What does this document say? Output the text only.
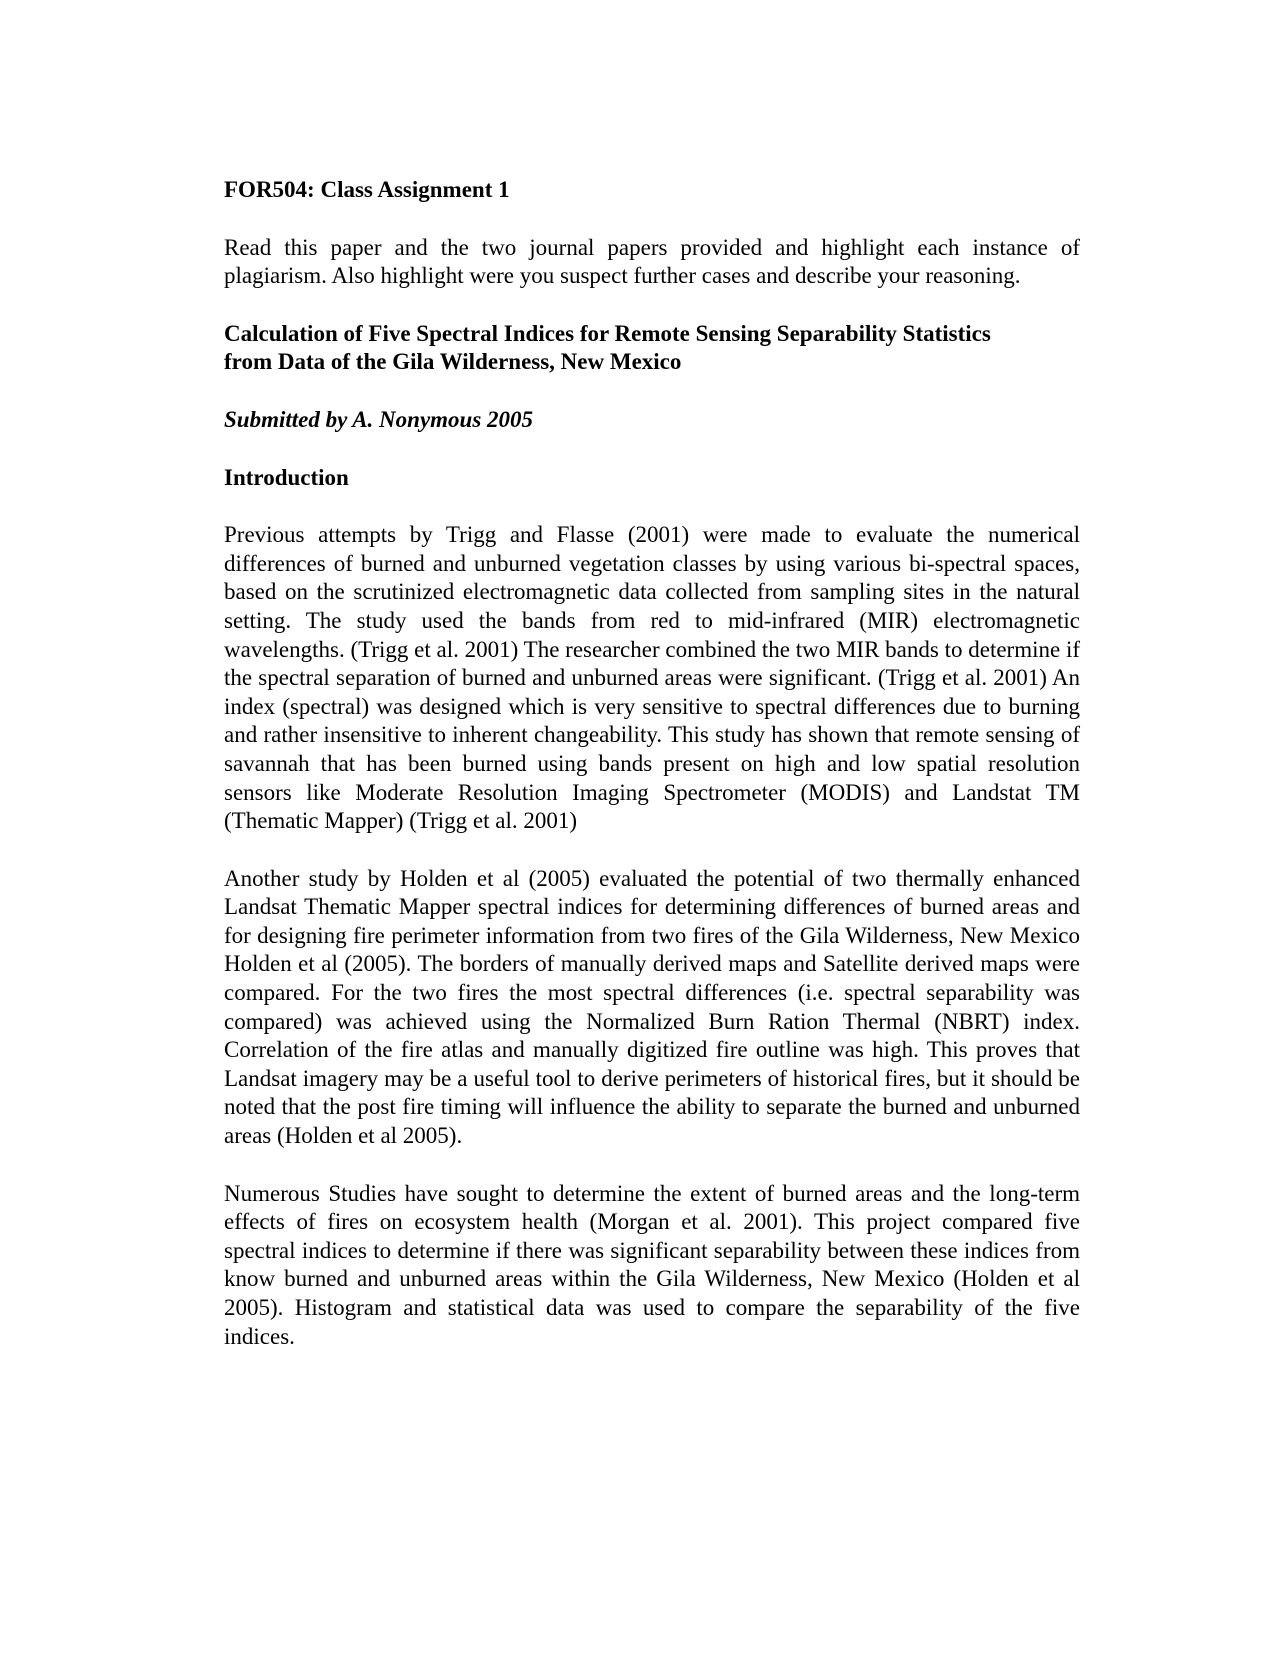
FOR504: Class Assignment 1

Read this paper and the two journal papers provided and highlight each instance of plagiarism. Also highlight were you suspect further cases and describe your reasoning.

Calculation of Five Spectral Indices for Remote Sensing Separability Statistics
from Data of the Gila Wilderness, New Mexico

Submitted by A. Nonymous 2005

Introduction

Previous attempts by Trigg and Flasse (2001) were made to evaluate the numerical differences of burned and unburned vegetation classes by using various bi-spectral spaces, based on the scrutinized electromagnetic data collected from sampling sites in the natural setting. The study used the bands from red to mid-infrared (MIR) electromagnetic wavelengths. (Trigg et al. 2001) The researcher combined the two MIR bands to determine if the spectral separation of burned and unburned areas were significant. (Trigg et al. 2001) An index (spectral) was designed which is very sensitive to spectral differences due to burning and rather insensitive to inherent changeability. This study has shown that remote sensing of savannah that has been burned using bands present on high and low spatial resolution sensors like Moderate Resolution Imaging Spectrometer (MODIS) and Landstat TM (Thematic Mapper) (Trigg et al. 2001)

Another study by Holden et al (2005) evaluated the potential of two thermally enhanced Landsat Thematic Mapper spectral indices for determining differences of burned areas and for designing fire perimeter information from two fires of the Gila Wilderness, New Mexico Holden et al (2005). The borders of manually derived maps and Satellite derived maps were compared. For the two fires the most spectral differences (i.e. spectral separability was compared) was achieved using the Normalized Burn Ration Thermal (NBRT) index. Correlation of the fire atlas and manually digitized fire outline was high. This proves that Landsat imagery may be a useful tool to derive perimeters of historical fires, but it should be noted that the post fire timing will influence the ability to separate the burned and unburned areas (Holden et al 2005).

Numerous Studies have sought to determine the extent of burned areas and the long-term effects of fires on ecosystem health (Morgan et al. 2001). This project compared five spectral indices to determine if there was significant separability between these indices from know burned and unburned areas within the Gila Wilderness, New Mexico (Holden et al 2005). Histogram and statistical data was used to compare the separability of the five indices.
